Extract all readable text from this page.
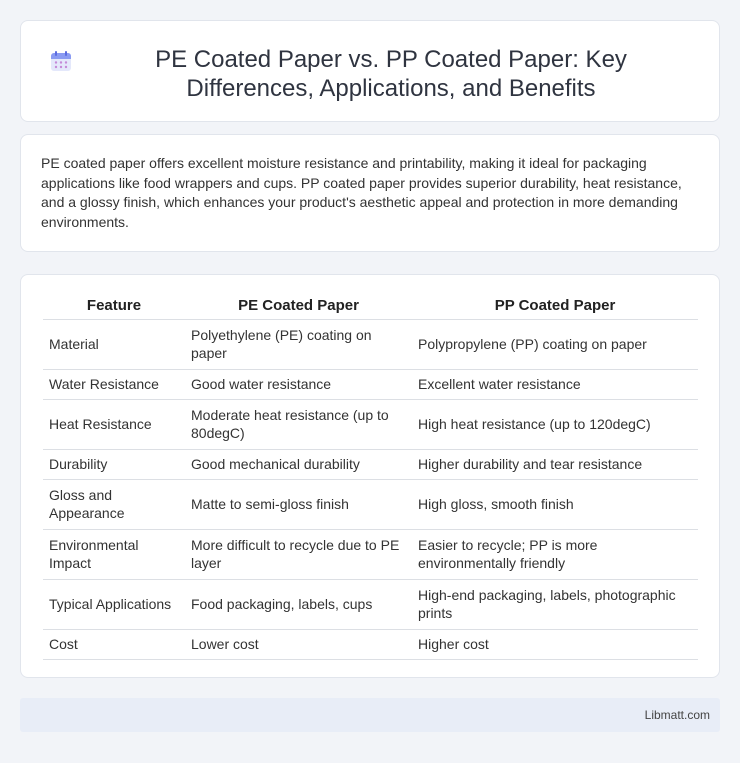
PE Coated Paper vs. PP Coated Paper: Key Differences, Applications, and Benefits

PE coated paper offers excellent moisture resistance and printability, making it ideal for packaging applications like food wrappers and cups. PP coated paper provides superior durability, heat resistance, and a glossy finish, which enhances your product's aesthetic appeal and protection in more demanding environments.

Feature	PE Coated Paper	PP Coated Paper
Material	Polyethylene (PE) coating on paper	Polypropylene (PP) coating on paper
Water Resistance	Good water resistance	Excellent water resistance
Heat Resistance	Moderate heat resistance (up to 80degC)	High heat resistance (up to 120degC)
Durability	Good mechanical durability	Higher durability and tear resistance
Gloss and Appearance	Matte to semi-gloss finish	High gloss, smooth finish
Environmental Impact	More difficult to recycle due to PE layer	Easier to recycle; PP is more environmentally friendly
Typical Applications	Food packaging, labels, cups	High-end packaging, labels, photographic prints
Cost	Lower cost	Higher cost
Libmatt.com
